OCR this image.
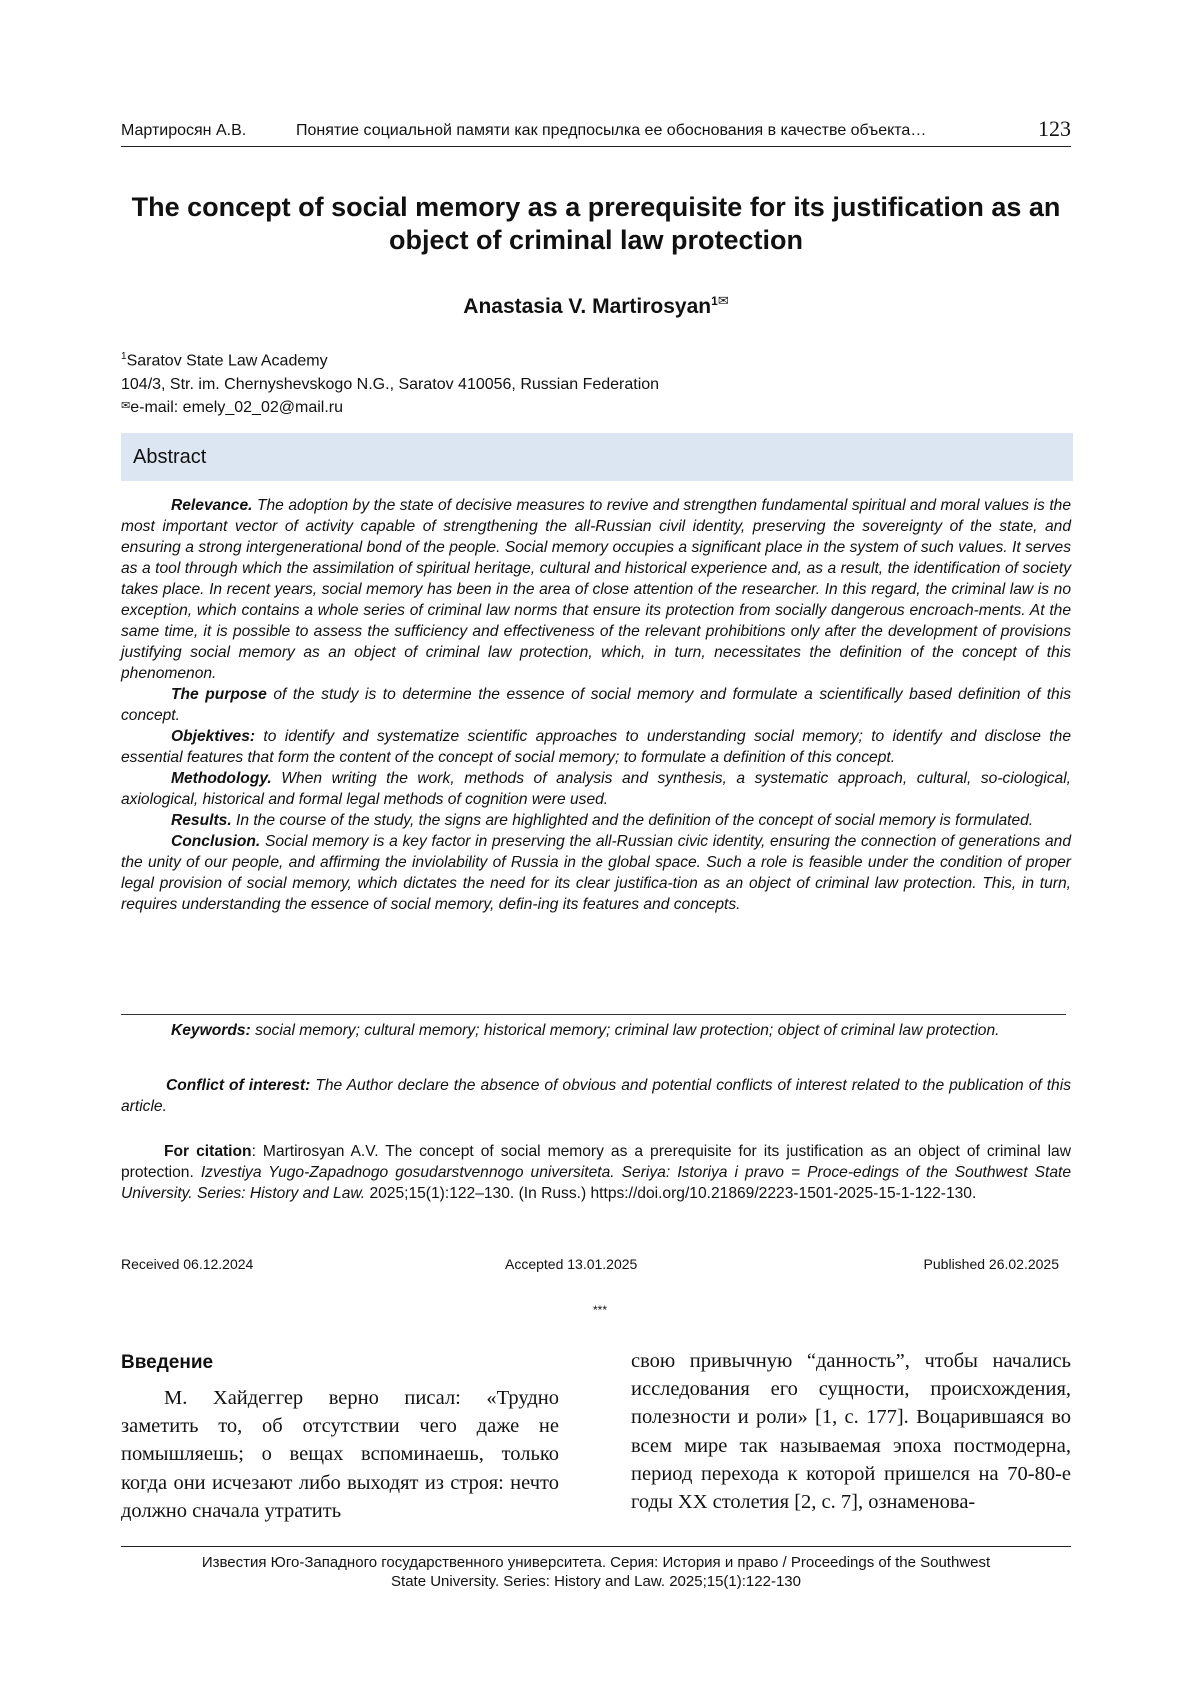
Мартиросян А.В.	Понятие социальной памяти как предпосылка ее обоснования в качестве объекта…	123
The concept of social memory as a prerequisite for its justification as an object of criminal law protection
Anastasia V. Martirosyan$^1$✉
$^1$Saratov State Law Academy
104/3, Str. im. Chernyshevskogo N.G., Saratov 410056, Russian Federation
✉e-mail: emely_02_02@mail.ru
Abstract

Relevance. The adoption by the state of decisive measures to revive and strengthen fundamental spiritual and moral values is the most important vector of activity capable of strengthening the all-Russian civil identity, preserving the sovereignty of the state, and ensuring a strong intergenerational bond of the people. Social memory occupies a significant place in the system of such values. It serves as a tool through which the assimilation of spiritual heritage, cultural and historical experience and, as a result, the identification of society takes place. In recent years, social memory has been in the area of close attention of the researcher. In this regard, the criminal law is no exception, which contains a whole series of criminal law norms that ensure its protection from socially dangerous encroach-ments. At the same time, it is possible to assess the sufficiency and effectiveness of the relevant prohibitions only after the development of provisions justifying social memory as an object of criminal law protection, which, in turn, necessitates the definition of the concept of this phenomenon.

The purpose of the study is to determine the essence of social memory and formulate a scientifically based definition of this concept.

Objektives: to identify and systematize scientific approaches to understanding social memory; to identify and disclose the essential features that form the content of the concept of social memory; to formulate a definition of this concept.

Methodology. When writing the work, methods of analysis and synthesis, a systematic approach, cultural, so-ciological, axiological, historical and formal legal methods of cognition were used.

Results. In the course of the study, the signs are highlighted and the definition of the concept of social memory is formulated.

Conclusion. Social memory is a key factor in preserving the all-Russian civic identity, ensuring the connection of generations and the unity of our people, and affirming the inviolability of Russia in the global space. Such a role is feasible under the condition of proper legal provision of social memory, which dictates the need for its clear justifica-tion as an object of criminal law protection. This, in turn, requires understanding the essence of social memory, defin-ing its features and concepts.

Keywords: social memory; cultural memory; historical memory; criminal law protection; object of criminal law protection.
Conflict of interest: The Author declare the absence of obvious and potential conflicts of interest related to the publication of this article.
For citation: Martirosyan A.V. The concept of social memory as a prerequisite for its justification as an object of criminal law protection. Izvestiya Yugo-Zapadnogo gosudarstvennogo universiteta. Seriya: Istoriya i pravo = Proce-edings of the Southwest State University. Series: History and Law. 2025;15(1):122–130. (In Russ.) https://doi.org/10.21869/2223-1501-2025-15-1-122-130.
Received 06.12.2024	Accepted 13.01.2025	Published 26.02.2025
***
Введение
М. Хайдеггер верно писал: «Трудно заметить то, об отсутствии чего даже не помышляешь; о вещах вспоминаешь, только когда они исчезают либо выходят из строя: нечто должно сначала утратить
свою привычную “данность”, чтобы начались исследования его сущности, происхождения, полезности и роли» [1, с. 177]. Воцарившаяся во всем мире так называемая эпоха постмодерна, период перехода к которой пришелся на 70-80-е годы XX столетия [2, с. 7], ознаменова-
Известия Юго-Западного государственного университета. Серия: История и право / Proceedings of the Southwest
State University. Series: History and Law. 2025;15(1):122-130
